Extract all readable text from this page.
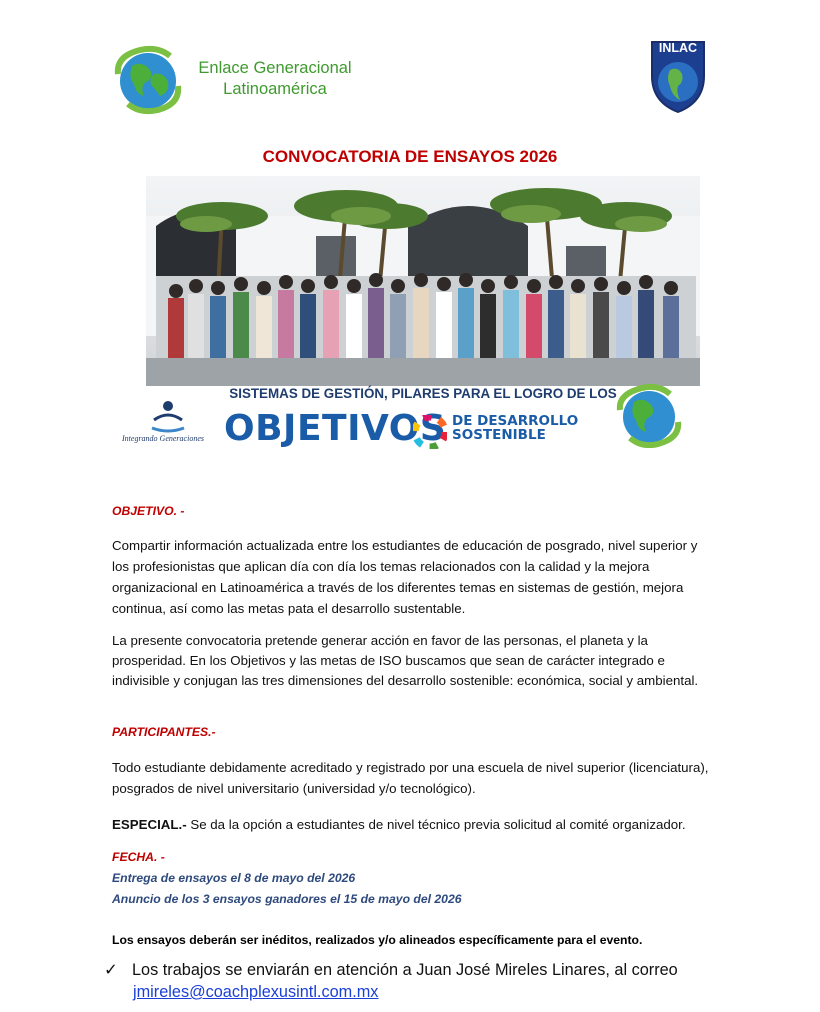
Enlace Generacional
Latinoamérica
INLAC
CONVOCATORIA DE ENSAYOS 2026
SISTEMAS DE GESTIÓN, PILARES PARA EL LOGRO DE LOS
Integrando Generaciones OBJETIVOS DE DESARROLLO
SOSTENIBLE
OBJETIVO. -
Compartir información actualizada entre los estudiantes de educación de posgrado, nivel superior y los profesionistas que aplican día con día los temas relacionados con la calidad y la mejora organizacional en Latinoamérica a través de los diferentes temas en sistemas de gestión, mejora continua, así como las metas pata el desarrollo sustentable.
La presente convocatoria pretende generar acción en favor de las personas, el planeta y la prosperidad. En los Objetivos y las metas de ISO buscamos que sean de carácter integrado e indivisible y conjugan las tres dimensiones del desarrollo sostenible: económica, social y ambiental.
PARTICIPANTES.-
Todo estudiante debidamente acreditado y registrado por una escuela de nivel superior (licenciatura), posgrados de nivel universitario (universidad y/o tecnológico).
ESPECIAL.- Se da la opción a estudiantes de nivel técnico previa solicitud al comité organizador.
FECHA. -
Entrega de ensayos el 8 de mayo del 2026
Anuncio de los 3 ensayos ganadores el 15 de mayo del 2026
Los ensayos deberán ser inéditos, realizados y/o alineados específicamente para el evento.
✓ Los trabajos se enviarán en atención a Juan José Mireles Linares, al correo
jmireles@coachplexusintl.com.mx
